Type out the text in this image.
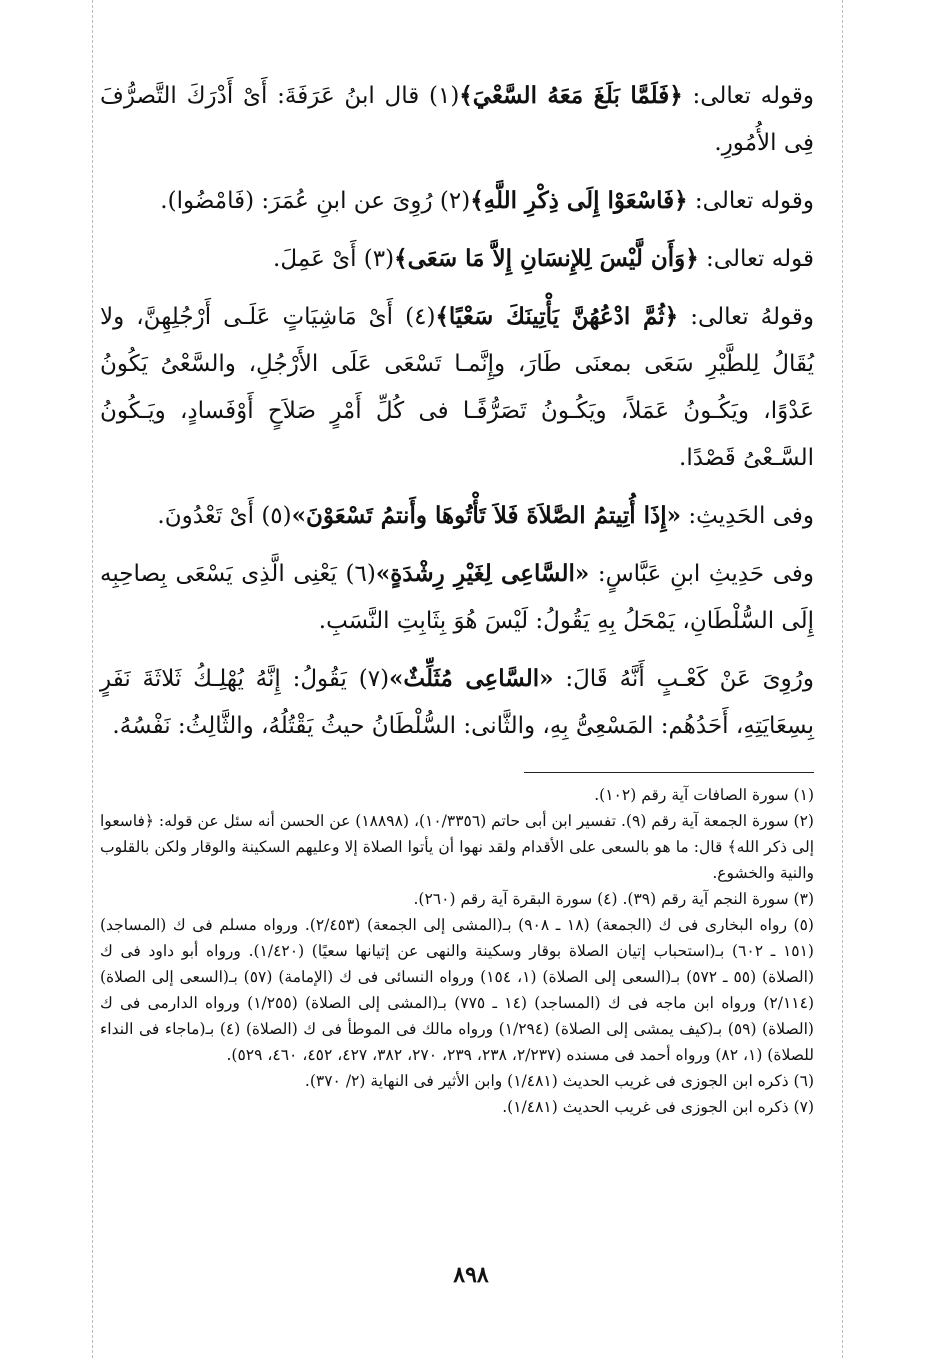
وقوله تعالى: ﴿فَلَمَّا بَلَغَ مَعَهُ السَّعْيَ﴾(١) قال ابنُ عَرَفَةَ: أَىْ أَدْرَكَ التَّصرُّفَ فِى الأُمُورِ.

وقوله تعالى: ﴿فَاسْعَوْا إِلَى ذِكْرِ اللَّهِ﴾(٢) رُوِىَ عن ابنِ عُمَرَ: (فَامْضُوا).

قوله تعالى: ﴿وَأَن لَّيْسَ لِلإِنسَانِ إِلاَّ مَا سَعَى﴾(٣) أَىْ عَمِلَ.

وقولهُ تعالى: ﴿ثُمَّ ادْعُهُنَّ يَأْتِينَكَ سَعْيًا﴾(٤) أَىْ مَاشِيَاتٍ عَلَـى أَرْجُلِهِنَّ، ولا يُقَالُ لِلطَّيْرِ سَعَى بمعنَى طَارَ، وإِنَّمـا تَسْعَى عَلَى الأَرْجُلِ، والسَّعْىُ يَكُونُ عَدْوًا، ويَكُـونُ عَمَلاً، ويَكُـونُ تَصَرُّفًـا فى كُلِّ أَمْرٍ صَلاَحٍ أَوْفَسادٍ، ويَـكُونُ السَّـعْىُ قَصْدًا.

وفى الحَدِيثِ: «إِذَا أُتِيتمُ الصَّلاَةَ فَلاَ تَأْتُوهَا وأَنتمُ تَسْعَوْنَ»(٥) أَىْ تَعْدُونَ.

وفى حَدِيثِ ابنِ عَبَّاسٍ: «السَّاعِى لِغَيْرِ رِشْدَةٍ»(٦) يَعْنِى الَّذِى يَسْعَى بِصاحِبِه إِلَى السُّلْطَانِ، يَمْحَلُ بِهِ يَقُولُ: لَيْسَ هُوَ بِثَابِتِ النَّسَبِ.

ورُوِىَ عَنْ كَعْـبٍ أَنَّهُ قَالَ: «السَّاعِى مُثَلِّثٌ»(٧) يَقُولُ: إِنَّهُ يُهْلِـكُ ثَلاثَةَ نَفَرٍ بِسِعَايَتِهِ، أَحَدُهُم: المَسْعِىُّ بِهِ، والثَّانى: السُّلْطَانُ حيثُ يَقْتُلُهُ، والثَّالِثُ: نَفْسُهُ.

(١) سورة الصافات آية رقم (١٠٢).

(٢) سورة الجمعة آية رقم (٩). تفسير ابن أبى حاتم (١٠/٣٣٥٦)، (١٨٨٩٨) عن الحسن أنه سئل عن قوله: ﴿فاسعوا إلى ذكر الله﴾ قال: ما هو بالسعى على الأقدام ولقد نهوا أن يأتوا الصلاة إلا وعليهم السكينة والوقار ولكن بالقلوب والنية والخشوع.

(٣) سورة النجم آية رقم (٣٩). (٤) سورة البقرة آية رقم (٢٦٠).

(٥) رواه البخارى فى ك (الجمعة) (١٨ ـ ٩٠٨) بـ(المشى إلى الجمعة) (٢/٤٥٣). ورواه مسلم فى ك (المساجد) (١٥١ ـ ٦٠٢) بـ(استحباب إتيان الصلاة بوقار وسكينة والنهى عن إتيانها سعيًا) (١/٤٢٠). ورواه أبو داود فى ك (الصلاة) (٥٥ ـ ٥٧٢) بـ(السعى إلى الصلاة) (١، ١٥٤) ورواه النسائى فى ك (الإمامة) (٥٧) بـ(السعى إلى الصلاة) (٢/١١٤) ورواه ابن ماجه فى ك (المساجد) (١٤ ـ ٧٧٥) بـ(المشى إلى الصلاة) (١/٢٥٥) ورواه الدارمى فى ك (الصلاة) (٥٩) بـ(كيف يمشى إلى الصلاة) (١/٢٩٤) ورواه مالك فى الموطأ فى ك (الصلاة) (٤) بـ(ماجاء فى النداء للصلاة) (١، ٨٢) ورواه أحمد فى مسنده (٢/٢٣٧، ٢٣٨، ٢٣٩، ٢٧٠، ٣٨٢، ٤٢٧، ٤٥٢، ٤٦٠، ٥٢٩).

(٦) ذكره ابن الجوزى فى غريب الحديث (١/٤٨١) وابن الأثير فى النهاية (٢/ ٣٧٠).

(٧) ذكره ابن الجوزى فى غريب الحديث (١/٤٨١).

٨٩٨
